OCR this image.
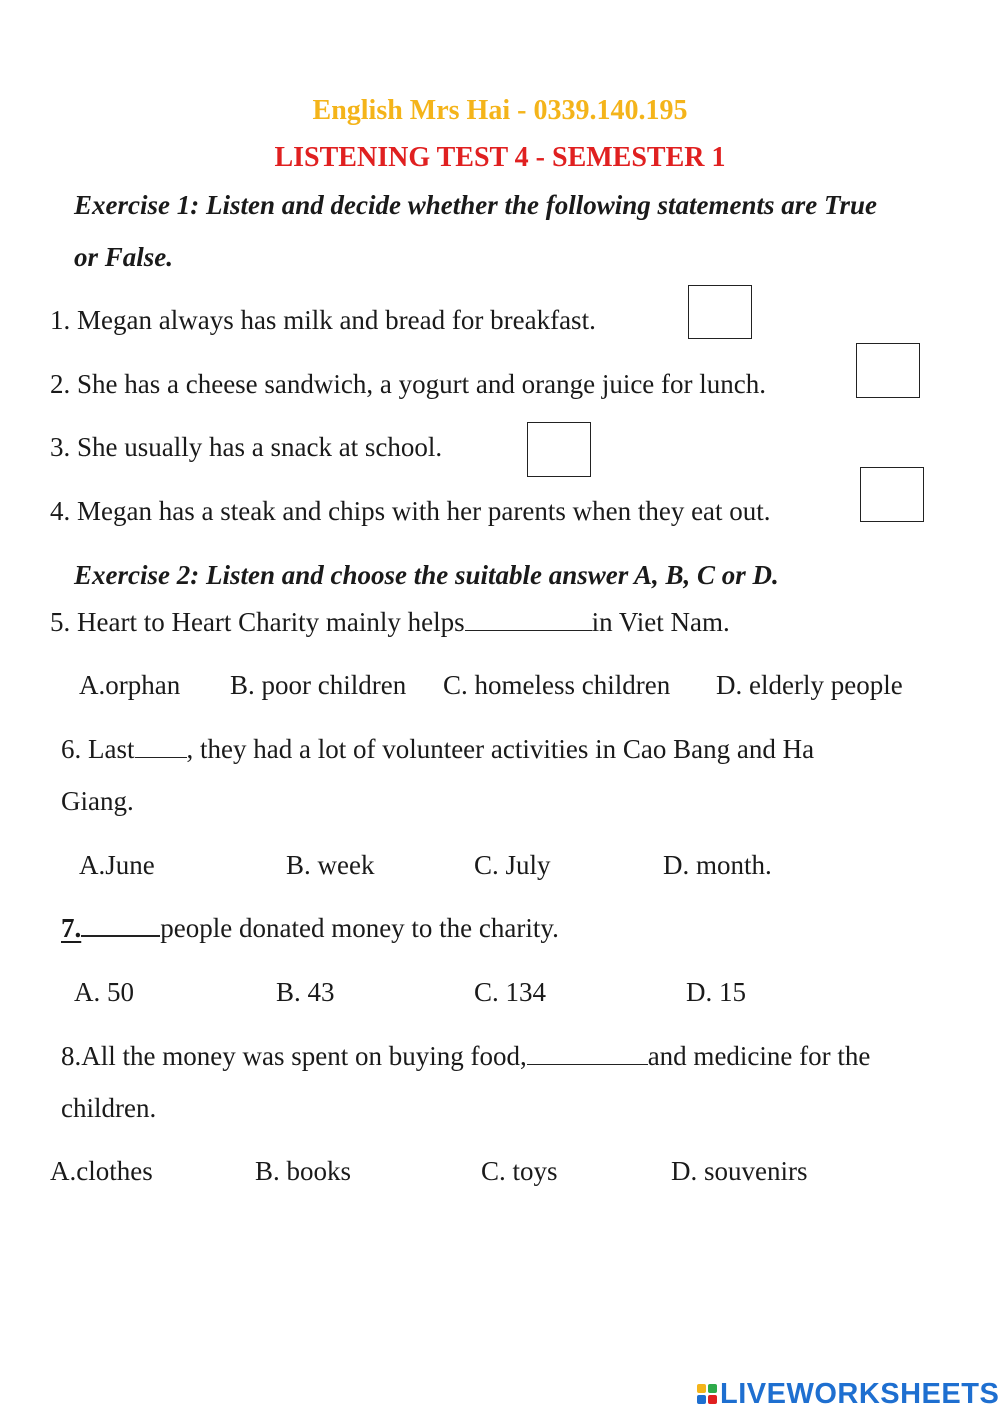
English Mrs Hai - 0339.140.195
LISTENING TEST 4 - SEMESTER 1
Exercise 1: Listen and decide whether the following statements are True
or False.
1. Megan always has milk and bread for breakfast.
2. She has a cheese sandwich, a yogurt and orange juice for lunch.
3. She usually has a snack at school.
4. Megan has a steak and chips with her parents when they eat out.
Exercise 2: Listen and choose the suitable answer A, B, C or D.
5. Heart to Heart Charity mainly helps	in Viet Nam.
A.orphan B. poor children C. homeless children D. elderly people
6. Last , they had a lot of volunteer activities in Cao Bang and Ha
Giang.
A.June	B. week	C. July	D. month.
7.	people donated money to the charity.
A. 50	B. 43	C. 134	D. 15
8.All the money was spent on buying food,	and medicine for the
children.
A.clothes	B. books	C. toys	D. souvenirs
LIVEWORKSHEETS
